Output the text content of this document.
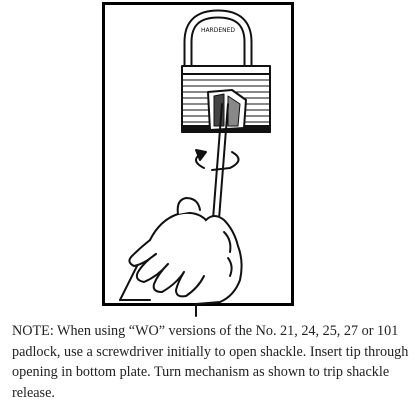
HARDENED

NOTE: When using “WO” versions of the No. 21, 24, 25, 27 or 101 padlock, use a screwdriver initially to open shackle. Insert tip through opening in bottom plate. Turn mechanism as shown to trip shackle release.
